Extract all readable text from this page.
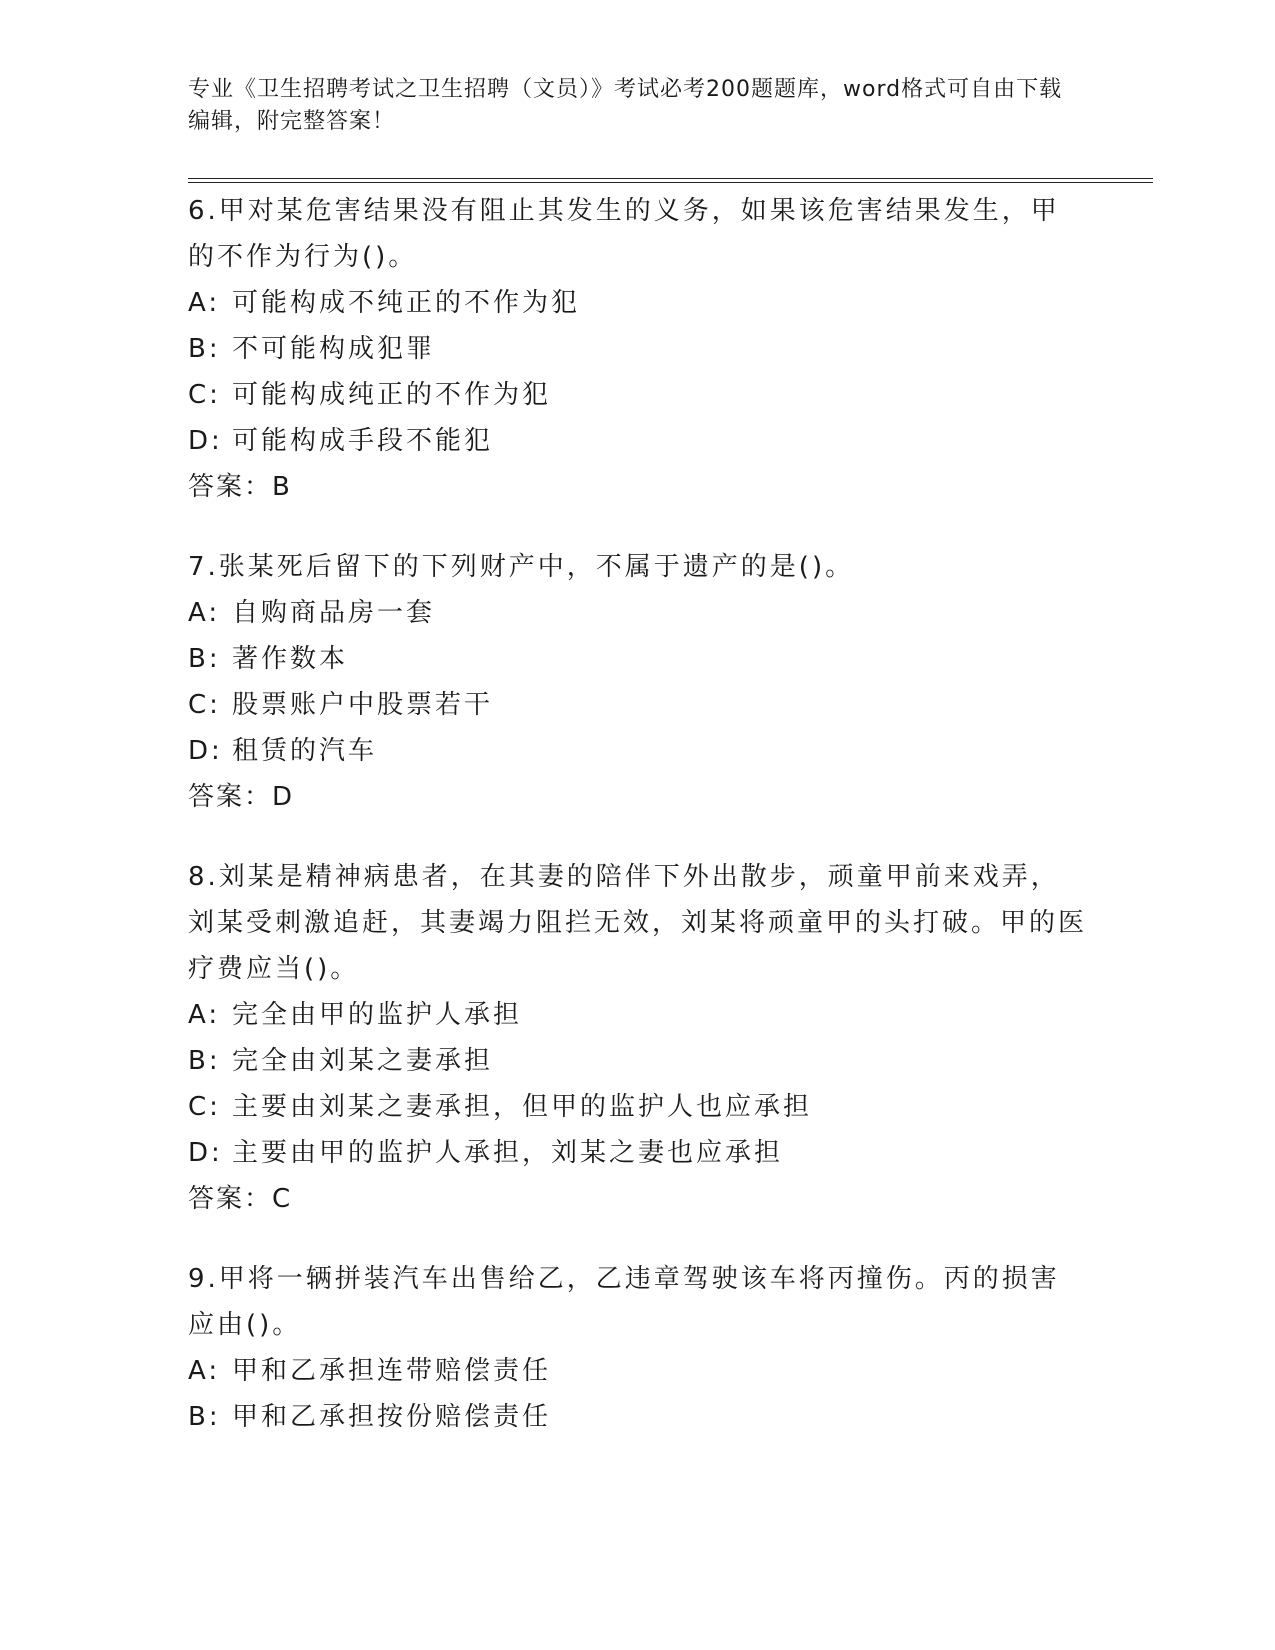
专业《卫生招聘考试之卫生招聘（文员）》考试必考200题题库，word格式可自由下载编辑，附完整答案！
6.甲对某危害结果没有阻止其发生的义务，如果该危害结果发生，甲的不作为行为()。
A: 可能构成不纯正的不作为犯
B: 不可能构成犯罪
C: 可能构成纯正的不作为犯
D: 可能构成手段不能犯
答案：B
7.张某死后留下的下列财产中，不属于遗产的是()。
A: 自购商品房一套
B: 著作数本
C: 股票账户中股票若干
D: 租赁的汽车
答案：D
8.刘某是精神病患者，在其妻的陪伴下外出散步，顽童甲前来戏弄，刘某受刺激追赶，其妻竭力阻拦无效，刘某将顽童甲的头打破。甲的医疗费应当()。
A: 完全由甲的监护人承担
B: 完全由刘某之妻承担
C: 主要由刘某之妻承担，但甲的监护人也应承担
D: 主要由甲的监护人承担，刘某之妻也应承担
答案：C
9.甲将一辆拼装汽车出售给乙，乙违章驾驶该车将丙撞伤。丙的损害应由()。
A: 甲和乙承担连带赔偿责任
B: 甲和乙承担按份赔偿责任
